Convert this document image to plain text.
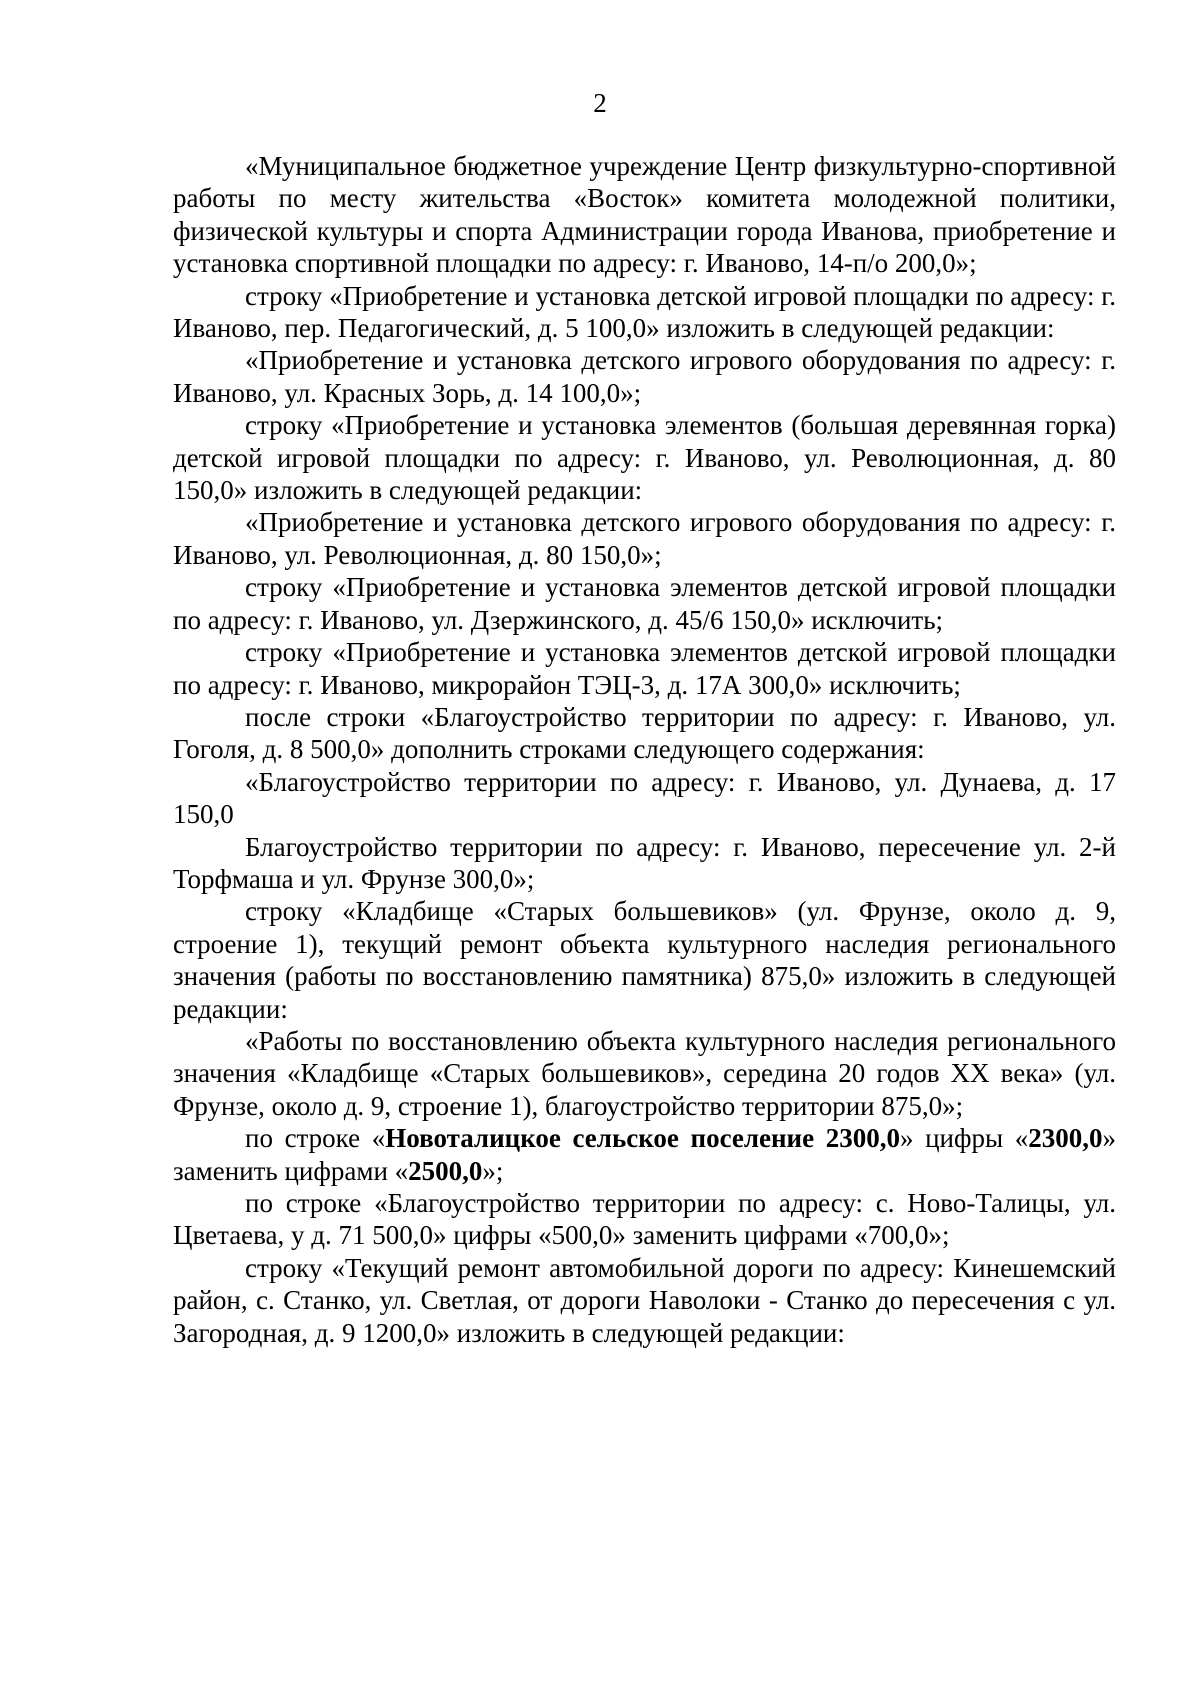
2

«Муниципальное бюджетное учреждение Центр физкультурно-спортивной работы по месту жительства «Восток» комитета молодежной политики, физической культуры и спорта Администрации города Иванова, приобретение и установка спортивной площадки по адресу: г. Иваново, 14-п/о 200,0»;

строку «Приобретение и установка детской игровой площадки по адресу: г. Иваново, пер. Педагогический, д. 5 100,0» изложить в следующей редакции:

«Приобретение и установка детского игрового оборудования по адресу: г. Иваново, ул. Красных Зорь, д. 14 100,0»;

строку «Приобретение и установка элементов (большая деревянная горка) детской игровой площадки по адресу: г. Иваново, ул. Революционная, д. 80 150,0» изложить в следующей редакции:

«Приобретение и установка детского игрового оборудования по адресу: г. Иваново, ул. Революционная, д. 80 150,0»;

строку «Приобретение и установка элементов детской игровой площадки по адресу: г. Иваново, ул. Дзержинского, д. 45/6 150,0» исключить;

строку «Приобретение и установка элементов детской игровой площадки по адресу: г. Иваново, микрорайон ТЭЦ-3, д. 17А 300,0» исключить;

после строки «Благоустройство территории по адресу: г. Иваново, ул. Гоголя, д. 8 500,0» дополнить строками следующего содержания:

«Благоустройство территории по адресу: г. Иваново, ул. Дунаева, д. 17 150,0

Благоустройство территории по адресу: г. Иваново, пересечение ул. 2-й Торфмаша и ул. Фрунзе 300,0»;

строку «Кладбище «Старых большевиков» (ул. Фрунзе, около д. 9, строение 1), текущий ремонт объекта культурного наследия регионального значения (работы по восстановлению памятника) 875,0» изложить в следующей редакции:

«Работы по восстановлению объекта культурного наследия регионального значения «Кладбище «Старых большевиков», середина 20 годов XX века» (ул. Фрунзе, около д. 9, строение 1), благоустройство территории 875,0»;

по строке «Новоталицкое сельское поселение 2300,0» цифры «2300,0» заменить цифрами «2500,0»;

по строке «Благоустройство территории по адресу: с. Ново-Талицы, ул. Цветаева, у д. 71 500,0» цифры «500,0» заменить цифрами «700,0»;

строку «Текущий ремонт автомобильной дороги по адресу: Кинешемский район, с. Станко, ул. Светлая, от дороги Наволоки - Станко до пересечения с ул. Загородная, д. 9 1200,0» изложить в следующей редакции:
